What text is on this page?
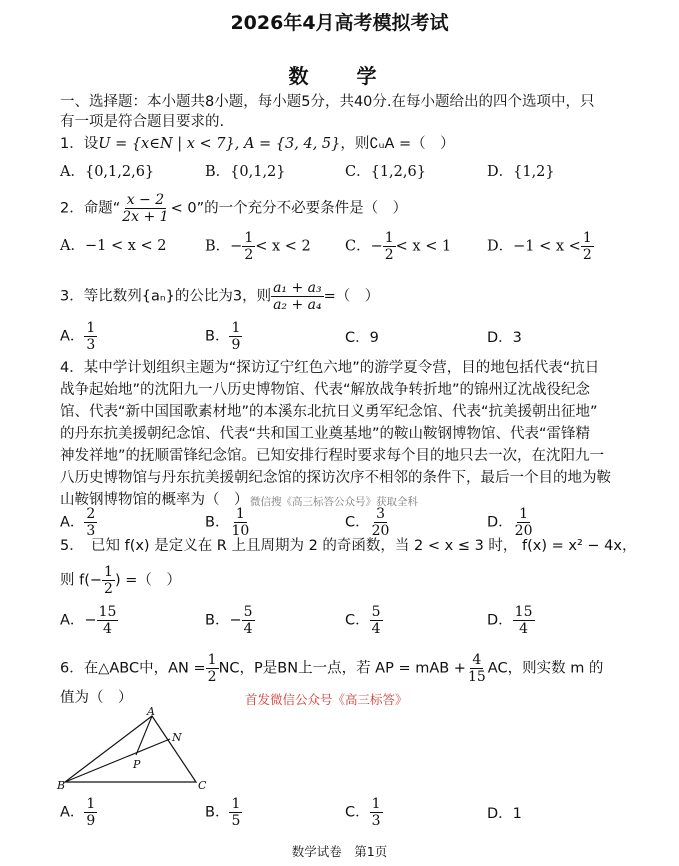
2026年4月高考模拟考试
数　学
一、选择题：本小题共8小题，每小题5分，共40分.在每小题给出的四个选项中，只
有一项是符合题目要求的.
1．设U = {x∈N | x < 7}, A = {3, 4, 5}，则∁ᵤA =（　）
A．{0,1,2,6}	B．{0,1,2}	C．{1,2,6}	D．{1,2}
2．命题“ $\frac{x - 2}{2x + 1} < 0$”的一个充分不必要条件是（　）
A．−1 < x < 2	B．− $\frac{1}{2} < x < 2$ C．− $\frac{1}{2} < x < 1$ D．$-1 < x < \frac{1}{2}$
3．等比数列{aₙ}的公比为3，则 $\frac{\text{a₁ + a₃}}{\text{a₂ + a₄}}$ =（　）
A． $\frac{1}{3}$	B． $\frac{1}{9}$	C．9	D．3
4．某中学计划组织主题为“探访辽宁红色六地”的游学夏令营，目的地包括代表“抗日
战争起始地”的沈阳九一八历史博物馆、代表“解放战争转折地”的锦州辽沈战役纪念
馆、代表“新中国国歌素材地”的本溪东北抗日义勇军纪念馆、代表“抗美援朝出征地”
的丹东抗美援朝纪念馆、代表“共和国工业奠基地”的鞍山鞍钢博物馆、代表“雷锋精
神发祥地”的抚顺雷锋纪念馆。已知安排行程时要求每个目的地只去一次，在沈阳九一
八历史博物馆与丹东抗美援朝纪念馆的探访次序不相邻的条件下，最后一个目的地为鞍
山鞍钢博物馆的概率为（　） 微信搜《高三标答公众号》获取全科
A． $\frac{2}{3}$	B． $\frac{1}{10}$	C． $\frac{3}{20}$	D． $\frac{1}{20}$
5．　已知 f(x) 是定义在 R 上且周期为 2 的奇函数，当 2 < x ≤ 3 时， f(x) = x² − 4x，
则 $f(- \frac{1}{2}$ ) =（　）
A．− $\frac{15}{4}$	B．− $\frac{5}{4}$	C． $\frac{5}{4}$	D． $\frac{15}{4}$
6．在△ABC中，AN = $\frac{1}{2}$ NC，P是BN上一点，若 AP = mAB + $\frac{4}{15}$ AC，则实数 m 的
值为（　）	首发微信公众号《高三标答》
A
N
P
B	C
A． $\frac{1}{9}$	B． $\frac{1}{5}$	C． $\frac{1}{3}$	D．1
数学试卷　第1页
